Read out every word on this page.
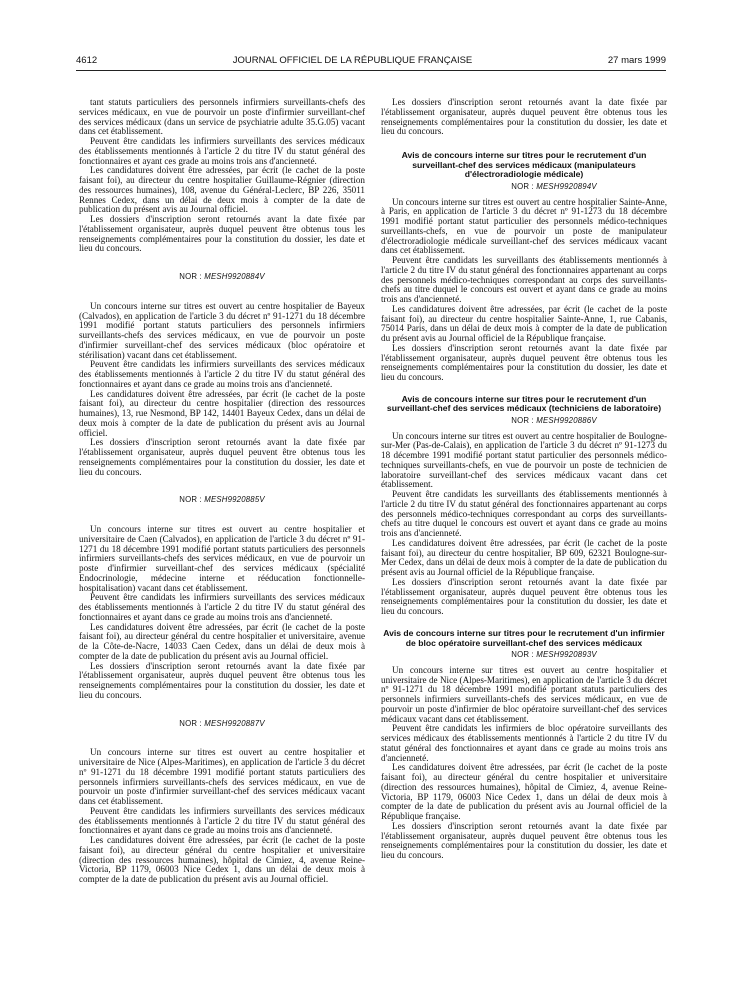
4612	JOURNAL OFFICIEL DE LA RÉPUBLIQUE FRANÇAISE	27 mars 1999

tant statuts particuliers des personnels infirmiers surveillants-chefs des services médicaux, en vue de pourvoir un poste d'infirmier surveillant-chef des services médicaux (dans un service de psychiatrie adulte 35.G.05) vacant dans cet établissement.

Peuvent être candidats les infirmiers surveillants des services médicaux des établissements mentionnés à l'article 2 du titre IV du statut général des fonctionnaires et ayant ces grade au moins trois ans d'ancienneté.

Les candidatures doivent être adressées, par écrit (le cachet de la poste faisant foi), au directeur du centre hospitalier Guillaume-Régnier (direction des ressources humaines), 108, avenue du Général-Leclerc, BP 226, 35011 Rennes Cedex, dans un délai de deux mois à compter de la date de publication du présent avis au Journal officiel.

Les dossiers d'inscription seront retournés avant la date fixée par l'établissement organisateur, auprès duquel peuvent être obtenus tous les renseignements complémentaires pour la constitution du dossier, les date et lieu du concours.

NOR : MESH9920884V

Un concours interne sur titres est ouvert au centre hospitalier de Bayeux (Calvados), en application de l'article 3 du décret nº 91-1271 du 18 décembre 1991 modifié portant statuts particuliers des personnels infirmiers surveillants-chefs des services médicaux, en vue de pourvoir un poste d'infirmier surveillant-chef des services médicaux (bloc opératoire et stérilisation) vacant dans cet établissement.

Peuvent être candidats les infirmiers surveillants des services médicaux des établissements mentionnés à l'article 2 du titre IV du statut général des fonctionnaires et ayant dans ce grade au moins trois ans d'ancienneté.

Les candidatures doivent être adressées, par écrit (le cachet de la poste faisant foi), au directeur du centre hospitalier (direction des ressources humaines), 13, rue Nesmond, BP 142, 14401 Bayeux Cedex, dans un délai de deux mois à compter de la date de publication du présent avis au Journal officiel.

Les dossiers d'inscription seront retournés avant la date fixée par l'établissement organisateur, auprès duquel peuvent être obtenus tous les renseignements complémentaires pour la constitution du dossier, les date et lieu du concours.

NOR : MESH9920885V

Un concours interne sur titres est ouvert au centre hospitalier et universitaire de Caen (Calvados), en application de l'article 3 du décret nº 91-1271 du 18 décembre 1991 modifié portant statuts particuliers des personnels infirmiers surveillants-chefs des services médicaux, en vue de pourvoir un poste d'infirmier surveillant-chef des services médicaux (spécialité Endocrinologie, médecine interne et rééducation fonctionnelle-hospitalisation) vacant dans cet établissement.

Peuvent être candidats les infirmiers surveillants des services médicaux des établissements mentionnés à l'article 2 du titre IV du statut général des fonctionnaires et ayant dans ce grade au moins trois ans d'ancienneté.

Les candidatures doivent être adressées, par écrit (le cachet de la poste faisant foi), au directeur général du centre hospitalier et universitaire, avenue de la Côte-de-Nacre, 14033 Caen Cedex, dans un délai de deux mois à compter de la date de publication du présent avis au Journal officiel.

Les dossiers d'inscription seront retournés avant la date fixée par l'établissement organisateur, auprès duquel peuvent être obtenus tous les renseignements complémentaires pour la constitution du dossier, les date et lieu du concours.

NOR : MESH9920887V

Un concours interne sur titres est ouvert au centre hospitalier et universitaire de Nice (Alpes-Maritimes), en application de l'article 3 du décret nº 91-1271 du 18 décembre 1991 modifié portant statuts particuliers des personnels infirmiers surveillants-chefs des services médicaux, en vue de pourvoir un poste d'infirmier surveillant-chef des services médicaux vacant dans cet établissement.

Peuvent être candidats les infirmiers surveillants des services médicaux des établissements mentionnés à l'article 2 du titre IV du statut général des fonctionnaires et ayant dans ce grade au moins trois ans d'ancienneté.

Les candidatures doivent être adressées, par écrit (le cachet de la poste faisant foi), au directeur général du centre hospitalier et universitaire (direction des ressources humaines), hôpital de Cimiez, 4, avenue Reine-Victoria, BP 1179, 06003 Nice Cedex 1, dans un délai de deux mois à compter de la date de publication du présent avis au Journal officiel.

Les dossiers d'inscription seront retournés avant la date fixée par l'établissement organisateur, auprès duquel peuvent être obtenus tous les renseignements complémentaires pour la constitution du dossier, les date et lieu du concours.

Avis de concours interne sur titres pour le recrutement d'un surveillant-chef des services médicaux (manipulateurs d'électroradiologie médicale)
NOR : MESH9920894V

Un concours interne sur titres est ouvert au centre hospitalier Sainte-Anne, à Paris, en application de l'article 3 du décret nº 91-1273 du 18 décembre 1991 modifié portant statut particulier des personnels médico-techniques surveillants-chefs, en vue de pourvoir un poste de manipulateur d'électroradiologie médicale surveillant-chef des services médicaux vacant dans cet établissement.

Peuvent être candidats les surveillants des établissements mentionnés à l'article 2 du titre IV du statut général des fonctionnaires appartenant au corps des personnels médico-techniques correspondant au corps des surveillants-chefs au titre duquel le concours est ouvert et ayant dans ce grade au moins trois ans d'ancienneté.

Les candidatures doivent être adressées, par écrit (le cachet de la poste faisant foi), au directeur du centre hospitalier Sainte-Anne, 1, rue Cabanis, 75014 Paris, dans un délai de deux mois à compter de la date de publication du présent avis au Journal officiel de la République française.

Les dossiers d'inscription seront retournés avant la date fixée par l'établissement organisateur, auprès duquel peuvent être obtenus tous les renseignements complémentaires pour la constitution du dossier, les date et lieu du concours.

Avis de concours interne sur titres pour le recrutement d'un surveillant-chef des services médicaux (techniciens de laboratoire)
NOR : MESH9920886V

Un concours interne sur titres est ouvert au centre hospitalier de Boulogne-sur-Mer (Pas-de-Calais), en application de l'article 3 du décret nº 91-1273 du 18 décembre 1991 modifié portant statut particulier des personnels médico-techniques surveillants-chefs, en vue de pourvoir un poste de technicien de laboratoire surveillant-chef des services médicaux vacant dans cet établissement.

Peuvent être candidats les surveillants des établissements mentionnés à l'article 2 du titre IV du statut général des fonctionnaires appartenant au corps des personnels médico-techniques correspondant au corps des surveillants-chefs au titre duquel le concours est ouvert et ayant dans ce grade au moins trois ans d'ancienneté.

Les candidatures doivent être adressées, par écrit (le cachet de la poste faisant foi), au directeur du centre hospitalier, BP 609, 62321 Boulogne-sur-Mer Cedex, dans un délai de deux mois à compter de la date de publication du présent avis au Journal officiel de la République française.

Les dossiers d'inscription seront retournés avant la date fixée par l'établissement organisateur, auprès duquel peuvent être obtenus tous les renseignements complémentaires pour la constitution du dossier, les date et lieu du concours.

Avis de concours interne sur titres pour le recrutement d'un infirmier de bloc opératoire surveillant-chef des services médicaux
NOR : MESH9920893V

Un concours interne sur titres est ouvert au centre hospitalier et universitaire de Nice (Alpes-Maritimes), en application de l'article 3 du décret nº 91-1271 du 18 décembre 1991 modifié portant statuts particuliers des personnels infirmiers surveillants-chefs des services médicaux, en vue de pourvoir un poste d'infirmier de bloc opératoire surveillant-chef des services médicaux vacant dans cet établissement.

Peuvent être candidats les infirmiers de bloc opératoire surveillants des services médicaux des établissements mentionnés à l'article 2 du titre IV du statut général des fonctionnaires et ayant dans ce grade au moins trois ans d'ancienneté.

Les candidatures doivent être adressées, par écrit (le cachet de la poste faisant foi), au directeur général du centre hospitalier et universitaire (direction des ressources humaines), hôpital de Cimiez, 4, avenue Reine-Victoria, BP 1179, 06003 Nice Cedex 1, dans un délai de deux mois à compter de la date de publication du présent avis au Journal officiel de la République française.

Les dossiers d'inscription seront retournés avant la date fixée par l'établissement organisateur, auprès duquel peuvent être obtenus tous les renseignements complémentaires pour la constitution du dossier, les date et lieu du concours.
